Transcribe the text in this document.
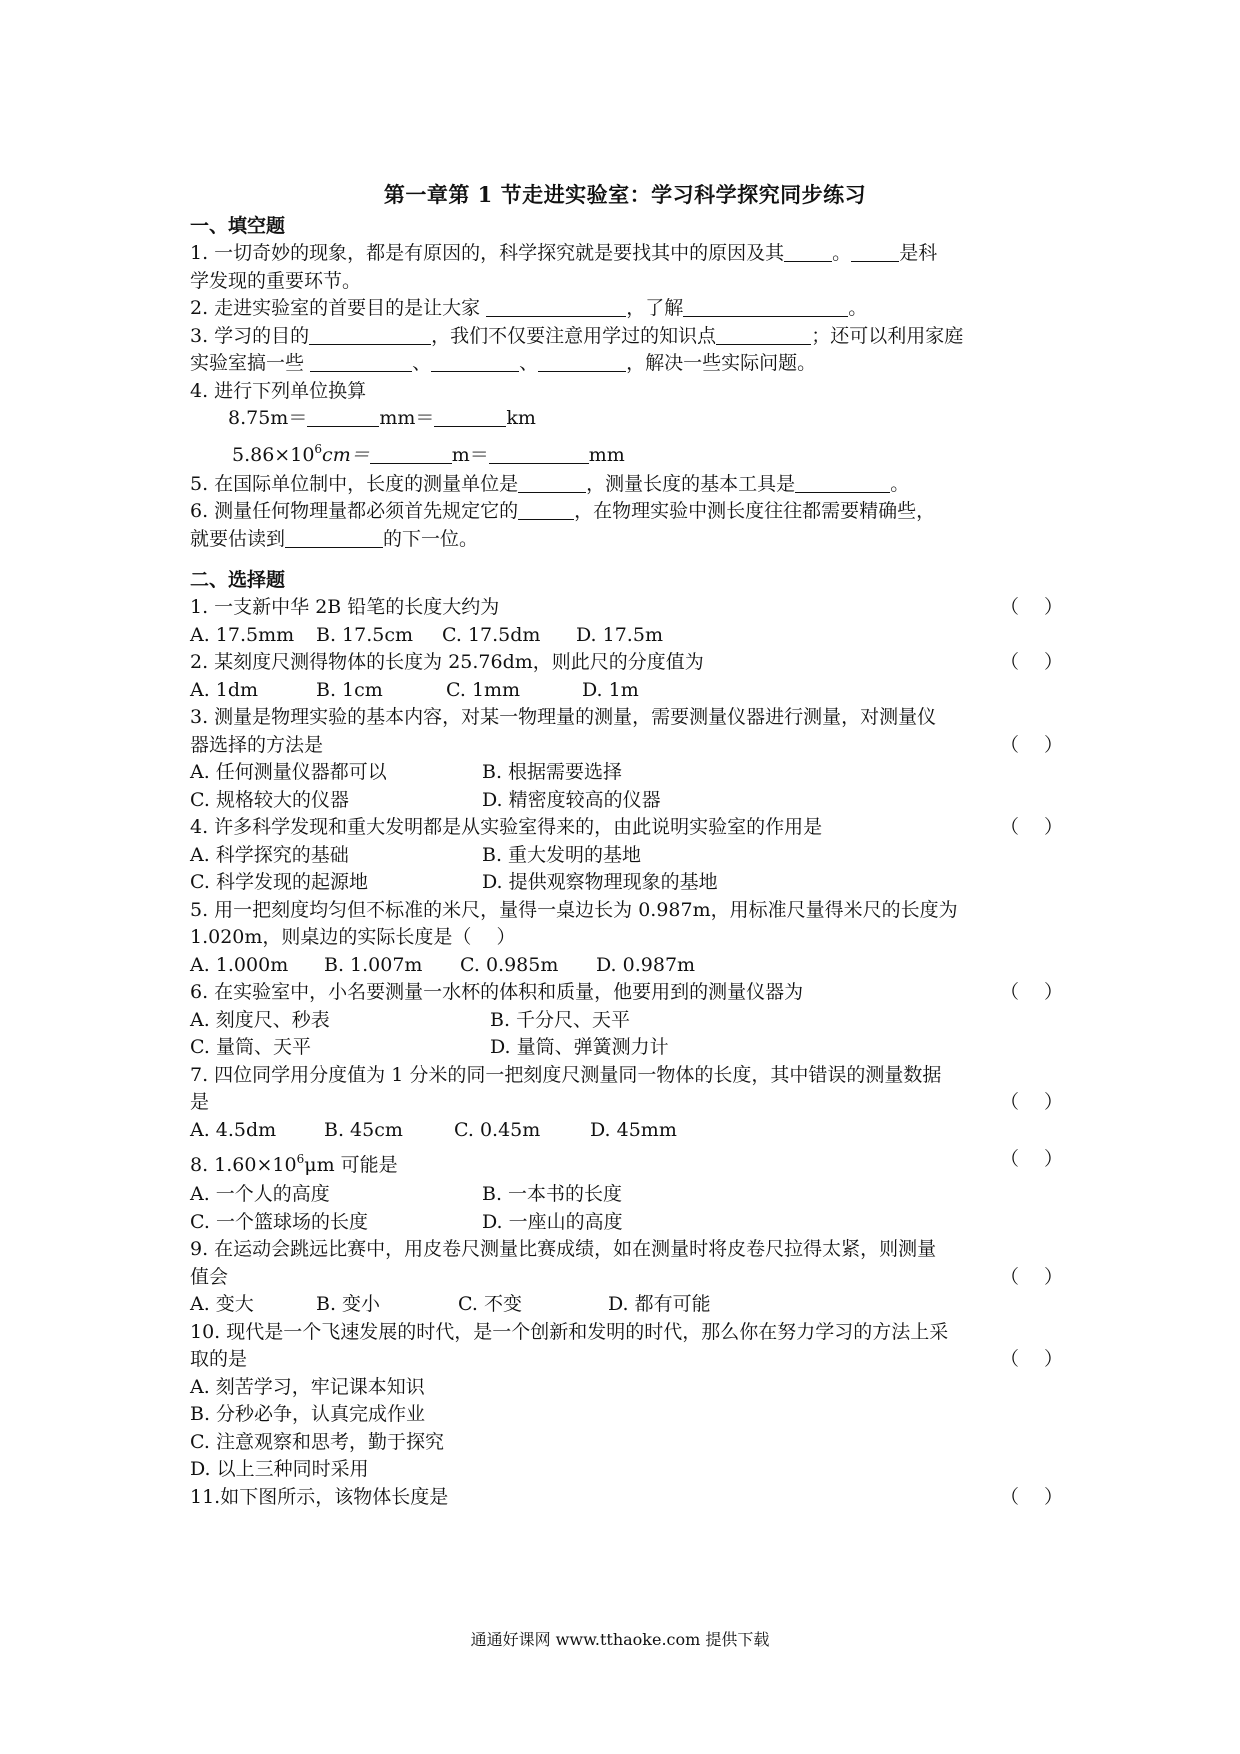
第一章第 1 节走进实验室：学习科学探究同步练习
一、填空题
1. 一切奇妙的现象，都是有原因的，科学探究就是要找其中的原因及其	。	是科
学发现的重要环节。
2. 走进实验室的首要目的是让大家	，了解	。
3. 学习的目的	，我们不仅要注意用学过的知识点	；还可以利用家庭
实验室搞一些	、	、	，解决一些实际问题。
4. 进行下列单位换算
8.75m＝	mm＝	km
$5.86\times 10^6cm=$	m＝	mm
5. 在国际单位制中，长度的测量单位是	，测量长度的基本工具是	。
6. 测量任何物理量都必须首先规定它的	，在物理实验中测长度往往都需要精确些，
就要估读到	的下一位。
二、选择题
1. 一支新中华 2B 铅笔的长度大约为	（　 ）
A. 17.5mm B. 17.5cm C. 17.5dm D. 17.5m
2. 某刻度尺测得物体的长度为 25.76dm，则此尺的分度值为	（　 ）
A. 1dm	B. 1cm	C. 1mm	D. 1m
3. 测量是物理实验的基本内容，对某一物理量的测量，需要测量仪器进行测量，对测量仪
器选择的方法是	（　 ）
A. 任何测量仪器都可以	B. 根据需要选择
C. 规格较大的仪器	D. 精密度较高的仪器
4. 许多科学发现和重大发明都是从实验室得来的，由此说明实验室的作用是	（　 ）
A. 科学探究的基础	B. 重大发明的基地
C. 科学发现的起源地	D. 提供观察物理现象的基地
5. 用一把刻度均匀但不标准的米尺，量得一桌边长为 0.987m，用标准尺量得米尺的长度为
1.020m，则桌边的实际长度是（　 ）
A. 1.000m B. 1.007m C. 0.985m D. 0.987m
6. 在实验室中，小名要测量一水杯的体积和质量，他要用到的测量仪器为	（　 ）
A. 刻度尺、秒表	B. 千分尺、天平
C. 量筒、天平	D. 量筒、弹簧测力计
7. 四位同学用分度值为 1 分米的同一把刻度尺测量同一物体的长度，其中错误的测量数据
是	（　 ）
A. 4.5dm	B. 45cm	C. 0.45m	D. 45mm
8. $1.60\times 10^6\mu m$ 可能是	（　 ）
A. 一个人的高度	B. 一本书的长度
C. 一个篮球场的长度	D. 一座山的高度
9. 在运动会跳远比赛中，用皮卷尺测量比赛成绩，如在测量时将皮卷尺拉得太紧，则测量
值会	（　 ）
A. 变大	B. 变小	C. 不变	D. 都有可能
10. 现代是一个飞速发展的时代，是一个创新和发明的时代，那么你在努力学习的方法上采
取的是	（　 ）
A. 刻苦学习，牢记课本知识
B. 分秒必争，认真完成作业
C. 注意观察和思考，勤于探究
D. 以上三种同时采用
11.如下图所示，该物体长度是	（　 ）
通通好课网 www.tthaoke.com 提供下载
